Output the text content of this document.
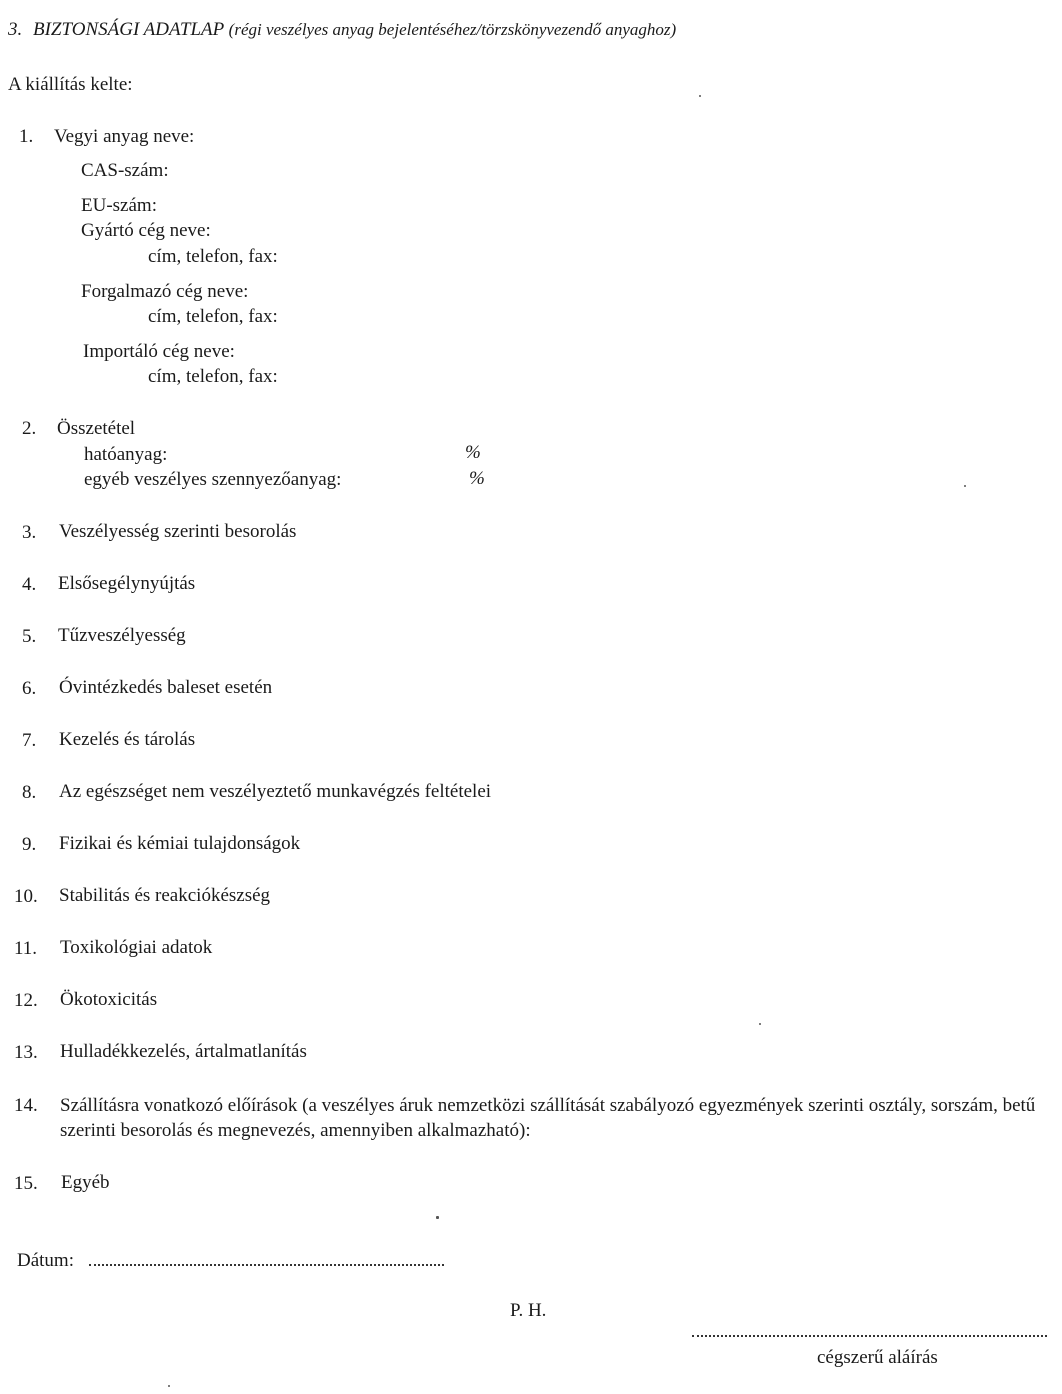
3. BIZTONSÁGI ADATLAP (régi veszélyes anyag bejelentéséhez/törzskönyvezendő anyaghoz)
A kiállítás kelte:
1. Vegyi anyag neve:
CAS-szám:
EU-szám:
Gyártó cég neve:
cím, telefon, fax:
Forgalmazó cég neve:
cím, telefon, fax:
Importáló cég neve:
cím, telefon, fax:
2. Összetétel
hatóanyag:	%
egyéb veszélyes szennyezőanyag:	%
3. Veszélyesség szerinti besorolás
4. Elsősegélynyújtás
5. Tűzveszélyesség
6. Óvintézkedés baleset esetén
7. Kezelés és tárolás
8. Az egészséget nem veszélyeztető munkavégzés feltételei
9. Fizikai és kémiai tulajdonságok
10. Stabilitás és reakciókészség
11. Toxikológiai adatok
12. Ökotoxicitás
13. Hulladékkezelés, ártalmatlanítás
14. Szállításra vonatkozó előírások (a veszélyes áruk nemzetközi szállítását szabályozó egyezmények szerinti osztály, sorszám, betű szerinti besorolás és megnevezés, amennyiben alkalmazható):
15. Egyéb
Dátum:
P. H.
cégszerű aláírás
